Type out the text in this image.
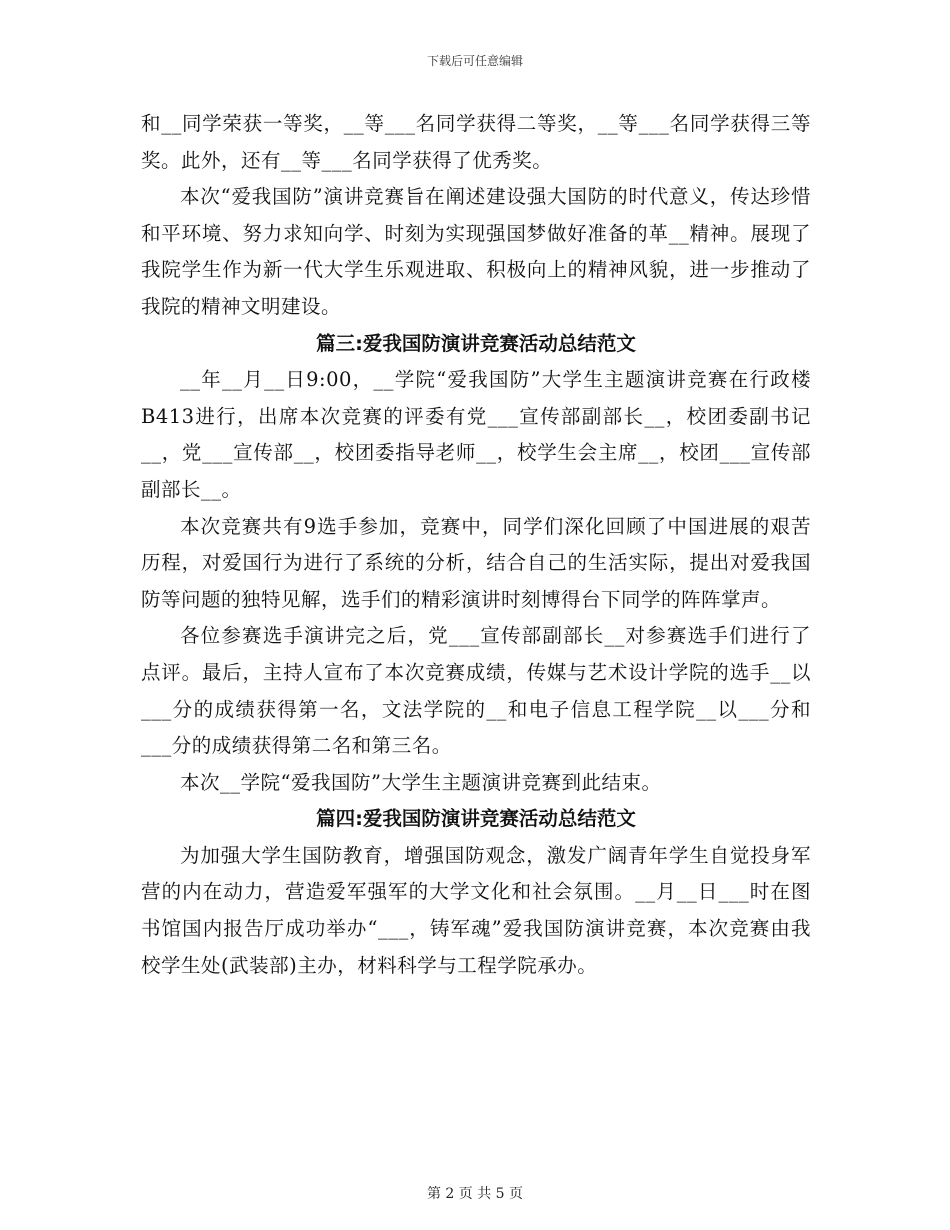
下载后可任意编辑

和__同学荣获一等奖，__等___名同学获得二等奖，__等___名同学获得三等奖。此外，还有__等___名同学获得了优秀奖。

本次“爱我国防”演讲竞赛旨在阐述建设强大国防的时代意义，传达珍惜和平环境、努力求知向学、时刻为实现强国梦做好准备的革__精神。展现了我院学生作为新一代大学生乐观进取、积极向上的精神风貌，进一步推动了我院的精神文明建设。

篇三:爱我国防演讲竞赛活动总结范文

__年__月__日9:00，__学院“爱我国防”大学生主题演讲竞赛在行政楼B413进行，出席本次竞赛的评委有党___宣传部副部长__，校团委副书记__，党___宣传部__，校团委指导老师__，校学生会主席__，校团___宣传部副部长__。

本次竞赛共有9选手参加，竞赛中，同学们深化回顾了中国进展的艰苦历程，对爱国行为进行了系统的分析，结合自己的生活实际，提出对爱我国防等问题的独特见解，选手们的精彩演讲时刻博得台下同学的阵阵掌声。

各位参赛选手演讲完之后，党___宣传部副部长__对参赛选手们进行了点评。最后，主持人宣布了本次竞赛成绩，传媒与艺术设计学院的选手__以___分的成绩获得第一名，文法学院的__和电子信息工程学院__以___分和___分的成绩获得第二名和第三名。

本次__学院“爱我国防”大学生主题演讲竞赛到此结束。

篇四:爱我国防演讲竞赛活动总结范文

为加强大学生国防教育，增强国防观念，激发广阔青年学生自觉投身军营的内在动力，营造爱军强军的大学文化和社会氛围。__月__日___时在图书馆国内报告厅成功举办“___，铸军魂”爱我国防演讲竞赛，本次竞赛由我校学生处(武装部)主办，材料科学与工程学院承办。

第 2 页 共 5 页
